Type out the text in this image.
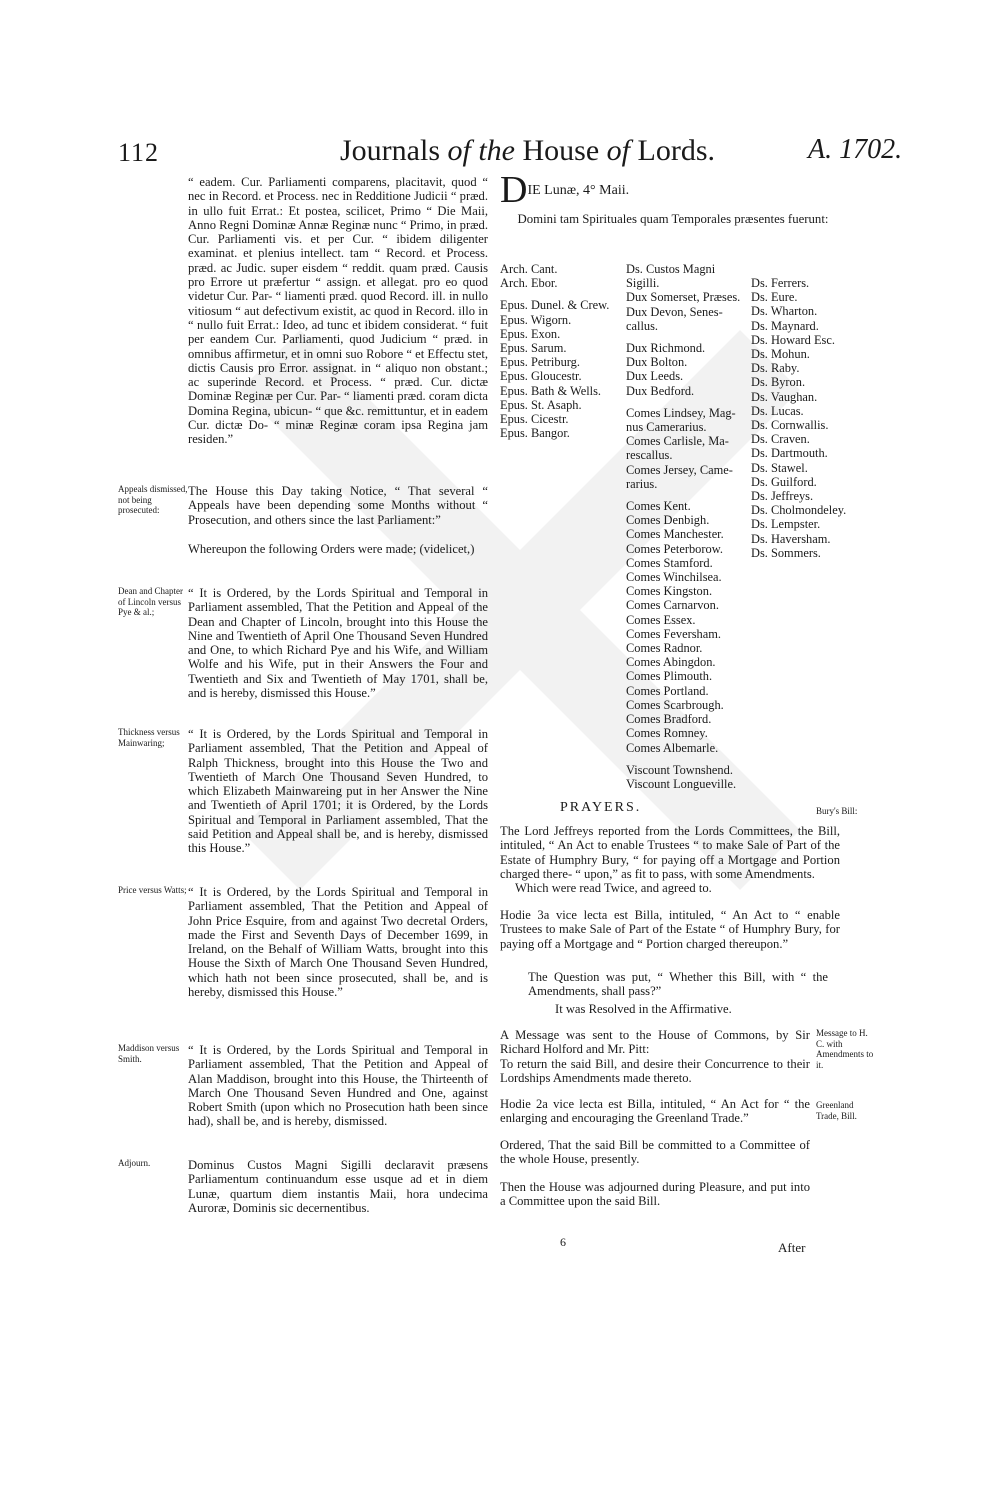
112	Journals of the House of Lords.	A. 1702.

“ eadem. Cur. Parliamenti comparens, placitavit, quod “ nec in Record. et Process. nec in Redditione Judicii “ præd. in ullo fuit Errat.: Et postea, scilicet, Primo “ Die Maii, Anno Regni Dominæ Annæ Reginæ nunc “ Primo, in præd. Cur. Parliamenti vis. et per Cur. “ ibidem diligenter examinat. et plenius intellect. tam “ Record. et Process. præd. ac Judic. super eisdem “ reddit. quam præd. Causis pro Errore ut præfertur “ assign. et allegat. pro eo quod videtur Cur. Par- “ liamenti præd. quod Record. ill. in nullo vitiosum “ aut defectivum existit, ac quod in Record. illo in “ nullo fuit Errat.: Ideo, ad tunc et ibidem considerat. “ fuit per eandem Cur. Parliamenti, quod Judicium “ præd. in omnibus affirmetur, et in omni suo Robore “ et Effectu stet, dictis Causis pro Error. assignat. in “ aliquo non obstant.; ac superinde Record. et Process. “ præd. Cur. dictæ Dominæ Reginæ per Cur. Par- “ liamenti præd. coram dicta Domina Regina, ubicun- “ que &c. remittuntur, et in eadem Cur. dictæ Do- “ minæ Reginæ coram ipsa Regina jam residen.”

Appeals dismissed, not being prosecuted:

The House this Day taking Notice, “ That several “ Appeals have been depending some Months without “ Prosecution, and others since the last Parliament:”

Whereupon the following Orders were made; (videlicet,)

Dean and Chapter of Lincoln versus Pye & al.;

“ It is Ordered, by the Lords Spiritual and Temporal in Parliament assembled, That the Petition and Appeal of the Dean and Chapter of Lincoln, brought into this House the Nine and Twentieth of April One Thousand Seven Hundred and One, to which Richard Pye and his Wife, and William Wolfe and his Wife, put in their Answers the Four and Twentieth and Six and Twentieth of May 1701, shall be, and is hereby, dismissed this House.”

Thickness versus Mainwaring;

“ It is Ordered, by the Lords Spiritual and Temporal in Parliament assembled, That the Petition and Appeal of Ralph Thickness, brought into this House the Two and Twentieth of March One Thousand Seven Hundred, to which Elizabeth Mainwareing put in her Answer the Nine and Twentieth of April 1701; it is Ordered, by the Lords Spiritual and Temporal in Parliament assembled, That the said Petition and Appeal shall be, and is hereby, dismissed this House.”

Price versus Watts; “ It is Ordered, by the Lords Spiritual and Temporal in Parliament assembled, That the Petition and Appeal of John Price Esquire, from and against Two decretal Orders, made the First and Seventh Days of December 1699, in Ireland, on the Behalf of William Watts, brought into this House the Sixth of March One Thousand Seven Hundred, which hath not been since prosecuted, shall be, and is hereby, dismissed this House.”

Maddison versus Smith.

“ It is Ordered, by the Lords Spiritual and Temporal in Parliament assembled, That the Petition and Appeal of Alan Maddison, brought into this House, the Thirteenth of March One Thousand Seven Hundred and One, against Robert Smith (upon which no Prosecution hath been since had), shall be, and is hereby, dismissed.

Adjourn.	Dominus Custos Magni Sigilli declaravit præsens Parliamentum continuandum esse usque ad et in diem Lunæ, quartum diem instantis Maii, hora undecima Auroræ, Dominis sic decernentibus.

DIE Lunæ, 4° Maii.
Domini tam Spirituales quam Temporales præsentes fuerunt:
Arch. Cant.
Arch. Ebor.
Epus. Dunel. & Crew.
Epus. Wigorn.
Epus. Exon.
Epus. Sarum.
Epus. Petriburg.
Epus. Gloucestr.
Epus. Bath & Wells.
Epus. St. Asaph.
Epus. Cicestr.
Epus. Bangor.
Ds. Custos Magni
Sigilli.
Dux Somerset, Præses.
Dux Devon, Senes-
callus.
Dux Richmond.
Dux Bolton.
Dux Leeds.
Dux Bedford.
Comes Lindsey, Mag-
nus Camerarius.
Comes Carlisle, Ma-
rescallus.
Comes Jersey, Came-
rarius.
Comes Kent.
Comes Denbigh.
Comes Manchester.
Comes Peterborow.
Comes Stamford.
Comes Winchilsea.
Comes Kingston.
Comes Carnarvon.
Comes Essex.
Comes Feversham.
Comes Radnor.
Comes Abingdon.
Comes Plimouth.
Comes Portland.
Comes Scarbrough.
Comes Bradford.
Comes Romney.
Comes Albemarle.
Viscount Townshend.
Viscount Longueville.
Ds. Ferrers.
Ds. Eure.
Ds. Wharton.
Ds. Maynard.
Ds. Howard Esc.
Ds. Mohun.
Ds. Raby.
Ds. Byron.
Ds. Vaughan.
Ds. Lucas.
Ds. Cornwallis.
Ds. Craven.
Ds. Dartmouth.
Ds. Stawel.
Ds. Guilford.
Ds. Jeffreys.
Ds. Cholmondeley.
Ds. Lempster.
Ds. Haversham.
Ds. Sommers.
PRAYERS.	Bury's Bill:

The Lord Jeffreys reported from the Lords Committees, the Bill, intituled, “ An Act to enable Trustees “ to make Sale of Part of the Estate of Humphry Bury, “ for paying off a Mortgage and Portion charged there- “ upon,” as fit to pass, with some Amendments.

Which were read Twice, and agreed to.

Hodie 3a vice lecta est Billa, intituled, “ An Act to “ enable Trustees to make Sale of Part of the Estate “ of Humphry Bury, for paying off a Mortgage and “ Portion charged thereupon.”

The Question was put, “ Whether this Bill, with “ the Amendments, shall pass?”

It was Resolved in the Affirmative.

Message to H. C. with Amendments to it.

A Message was sent to the House of Commons, by Sir Richard Holford and Mr. Pitt:

To return the said Bill, and desire their Concurrence to their Lordships Amendments made thereto.

Greenland Trade, Bill.

Hodie 2a vice lecta est Billa, intituled, “ An Act for “ the enlarging and encouraging the Greenland Trade.”

Ordered, That the said Bill be committed to a Committee of the whole House, presently.

Then the House was adjourned during Pleasure, and put into a Committee upon the said Bill.

6	After
